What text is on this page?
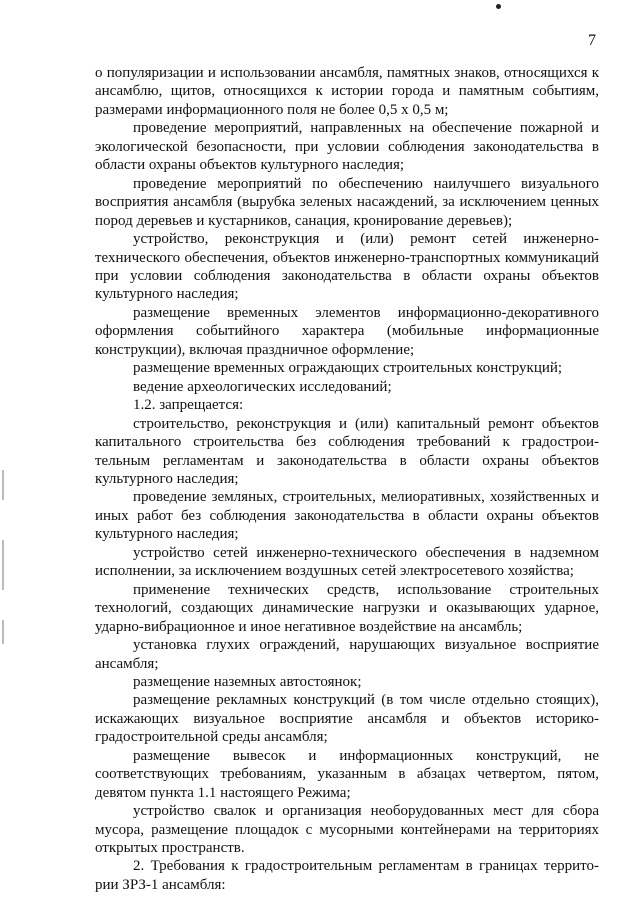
7

о популяризации и использовании ансамбля, памятных знаков, относящихся к ансамблю, щитов, относящихся к истории города и памятным событиям, размерами информационного поля не более 0,5 х 0,5 м;

проведение мероприятий, направленных на обеспечение пожарной и экологической безопасности, при условии соблюдения законодательства в области охраны объектов культурного наследия;

проведение мероприятий по обеспечению наилучшего визуального восприятия ансамбля (вырубка зеленых насаждений, за исключением ценных пород деревьев и кустарников, санация, кронирование деревьев);

устройство, реконструкция и (или) ремонт сетей инженерно-технического обеспечения, объектов инженерно-транспортных коммуникаций при условии соблюдения законодательства в области охраны объектов культурного наследия;

размещение временных элементов информационно-декоративного оформления событийного характера (мобильные информационные конструкции), включая праздничное оформление;

размещение временных ограждающих строительных конструкций;

ведение археологических исследований;

1.2. запрещается:

строительство, реконструкция и (или) капитальный ремонт объектов капитального строительства без соблюдения требований к градостроительным регламентам и законодательства в области охраны объектов культурного наследия;

проведение земляных, строительных, мелиоративных, хозяйственных и иных работ без соблюдения законодательства в области охраны объектов культурного наследия;

устройство сетей инженерно-технического обеспечения в надземном исполнении, за исключением воздушных сетей электросетевого хозяйства;

применение технических средств, использование строительных технологий, создающих динамические нагрузки и оказывающих ударное, ударно-вибрационное и иное негативное воздействие на ансамбль;

установка глухих ограждений, нарушающих визуальное восприятие ансамбля;

размещение наземных автостоянок;

размещение рекламных конструкций (в том числе отдельно стоящих), искажающих визуальное восприятие ансамбля и объектов историко-градостроительной среды ансамбля;

размещение вывесок и информационных конструкций, не соответствующих требованиям, указанным в абзацах четвертом, пятом, девятом пункта 1.1 настоящего Режима;

устройство свалок и организация необорудованных мест для сбора мусора, размещение площадок с мусорными контейнерами на территориях открытых пространств.

2. Требования к градостроительным регламентам в границах территории ЗРЗ-1 ансамбля:
